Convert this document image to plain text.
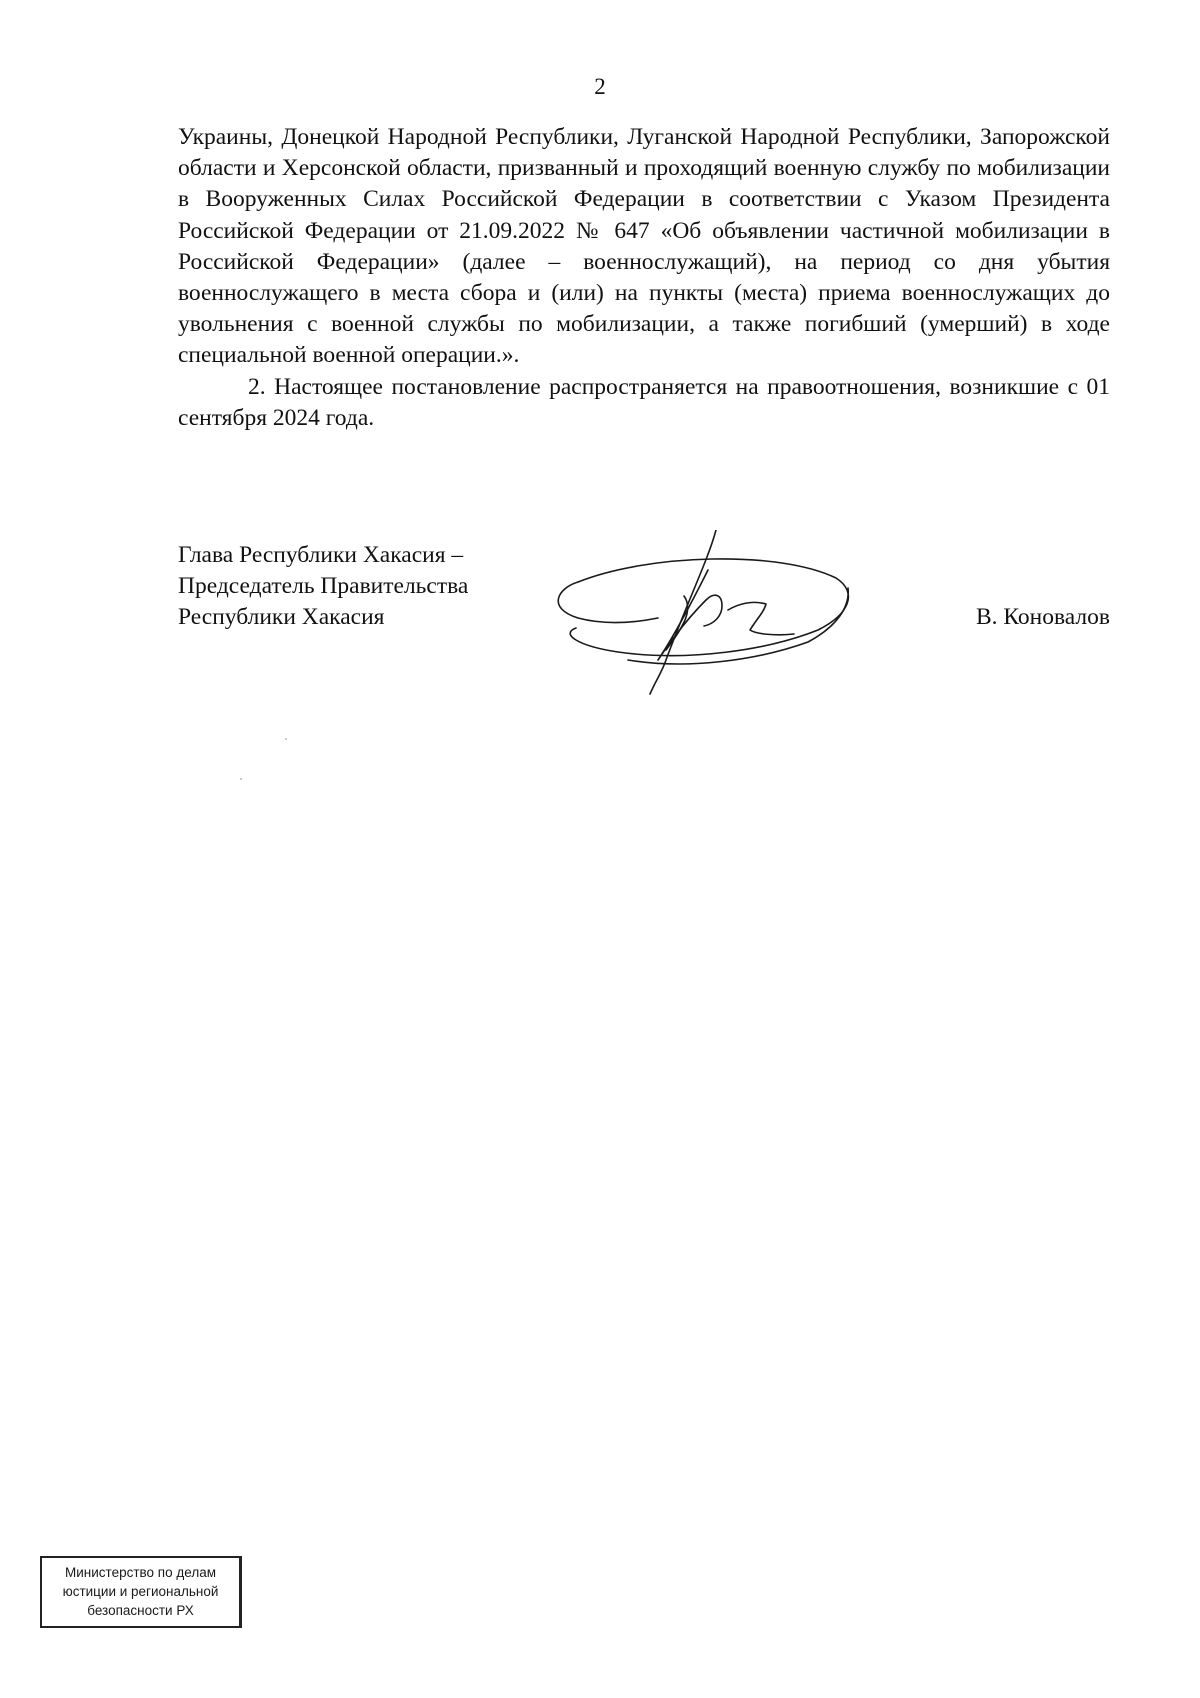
2

Украины, Донецкой Народной Республики, Луганской Народной Республики, Запорожской области и Херсонской области, призванный и проходящий военную службу по мобилизации в Вооруженных Силах Российской Федерации в соответствии с Указом Президента Российской Федерации от 21.09.2022 № 647 «Об объявлении частичной мобилизации в Российской Федерации» (далее – военнослужащий), на период со дня убытия военнослужащего в места сбора и (или) на пункты (места) приема военнослужащих до увольнения с военной службы по мобилизации, а также погибший (умерший) в ходе специальной военной операции.».

2. Настоящее постановление распространяется на правоотношения, возникшие с 01 сентября 2024 года.

Глава Республики Хакасия –
Председатель Правительства
Республики Хакасия	В. Коновалов
Министерство по делам
юстиции и региональной
безопасности РХ
